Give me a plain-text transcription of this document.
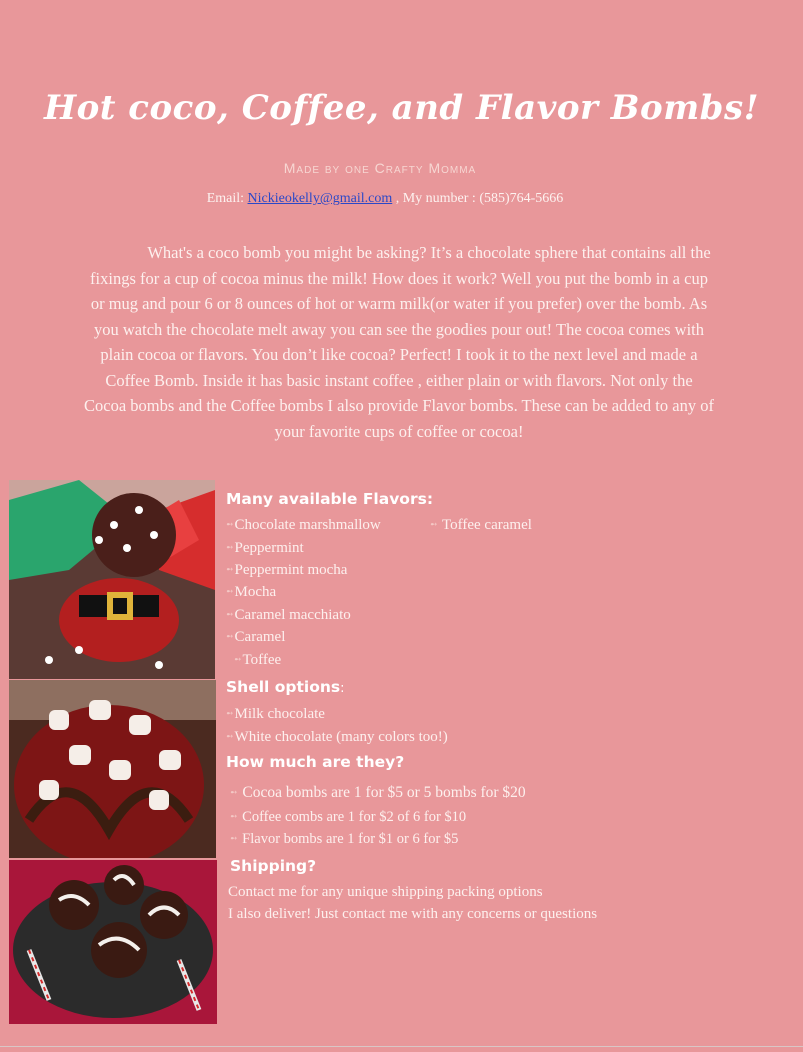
Hot coco, Coffee, and Flavor Bombs!
Made by one Crafty Momma
Email: Nickieokelly@gmail.com , My number : (585)764-5666
What's a coco bomb you might be asking? It’s a chocolate sphere that contains all the fixings for a cup of cocoa minus the milk! How does it work? Well you put the bomb in a cup or mug and pour 6 or 8 ounces of hot or warm milk(or water if you prefer) over the bomb. As you watch the chocolate melt away you can see the goodies pour out! The cocoa comes with plain cocoa or flavors. You don’t like cocoa? Perfect! I took it to the next level and made a Coffee Bomb. Inside it has basic instant coffee , either plain or with flavors. Not only the Cocoa bombs and the Coffee bombs I also provide Flavor bombs. These can be added to any of your favorite cups of coffee or cocoa!
Many available Flavors:
➻Chocolate marshmallow	➻ Toffee caramel
➻Peppermint
➻Peppermint mocha
➻Mocha
➻Caramel macchiato
➻Caramel
➻Toffee
Shell options:
➻Milk chocolate
➻White chocolate (many colors too!)
How much are they?
➻ Cocoa bombs are 1 for $5 or 5 bombs for $20
➻ Coffee combs are 1 for $2 of 6 for $10
➻ Flavor bombs are 1 for $1 or 6 for $5
Shipping?
Contact me for any unique shipping packing options
I also deliver! Just contact me with any concerns or questions
